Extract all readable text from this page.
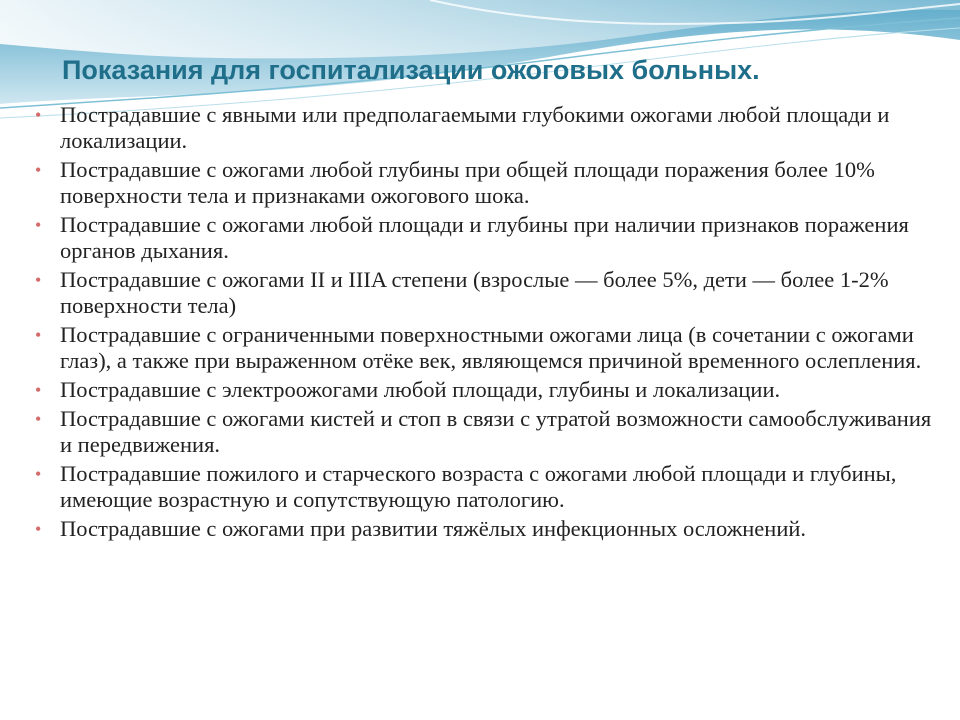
Показания для госпитализации ожоговых больных.
• Пострадавшие с явными или предполагаемыми глубокими ожогами любой площади и локализации.
• Пострадавшие с ожогами любой глубины при общей площади поражения более 10% поверхности тела и признаками ожогового шока.
• Пострадавшие с ожогами любой площади и глубины при наличии признаков поражения органов дыхания.
• Пострадавшие с ожогами II и IIIA степени (взрослые — более 5%, дети — более 1-2% поверхности тела)
• Пострадавшие с ограниченными поверхностными ожогами лица (в сочетании с ожогами глаз), а также при выраженном отёке век, являющемся причиной временного ослепления.
• Пострадавшие с электроожогами любой площади, глубины и локализации.
• Пострадавшие с ожогами кистей и стоп в связи с утратой возможности самообслуживания и передвижения.
• Пострадавшие пожилого и старческого возраста с ожогами любой площади и глубины, имеющие возрастную и сопутствующую патологию.
• Пострадавшие с ожогами при развитии тяжёлых инфекционных осложнений.
